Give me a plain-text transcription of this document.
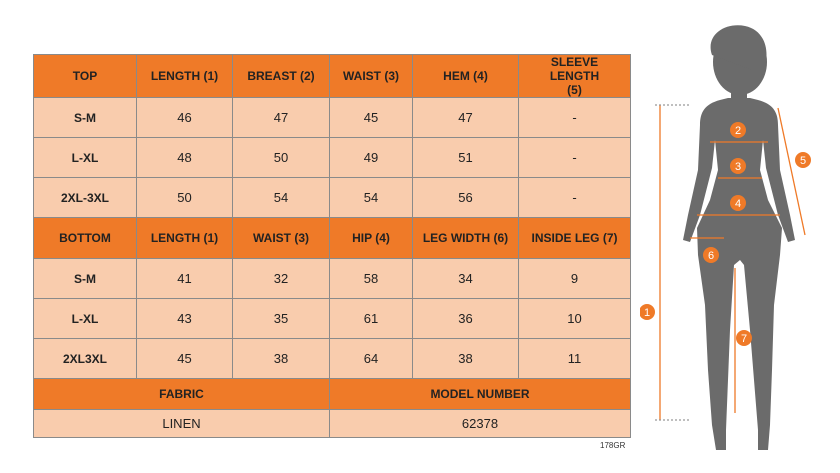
TOP	LENGTH (1)	BREAST (2)	WAIST (3)	HEM (4)	SLEEVE LENGTH (5)
S-M	46	47	45	47	-
L-XL	48	50	49	51	-
2XL-3XL	50	54	54	56	-
BOTTOM	LENGTH (1)	WAIST (3)	HIP (4)	LEG WIDTH (6)	INSIDE LEG (7)
S-M	41	32	58	34	9
L-XL	43	35	61	36	10
2XL3XL	45	38	64	38	11
FABRIC			MODEL NUMBER		
LINEN			62378		
178GR
1
2
3
4
5
6
7
